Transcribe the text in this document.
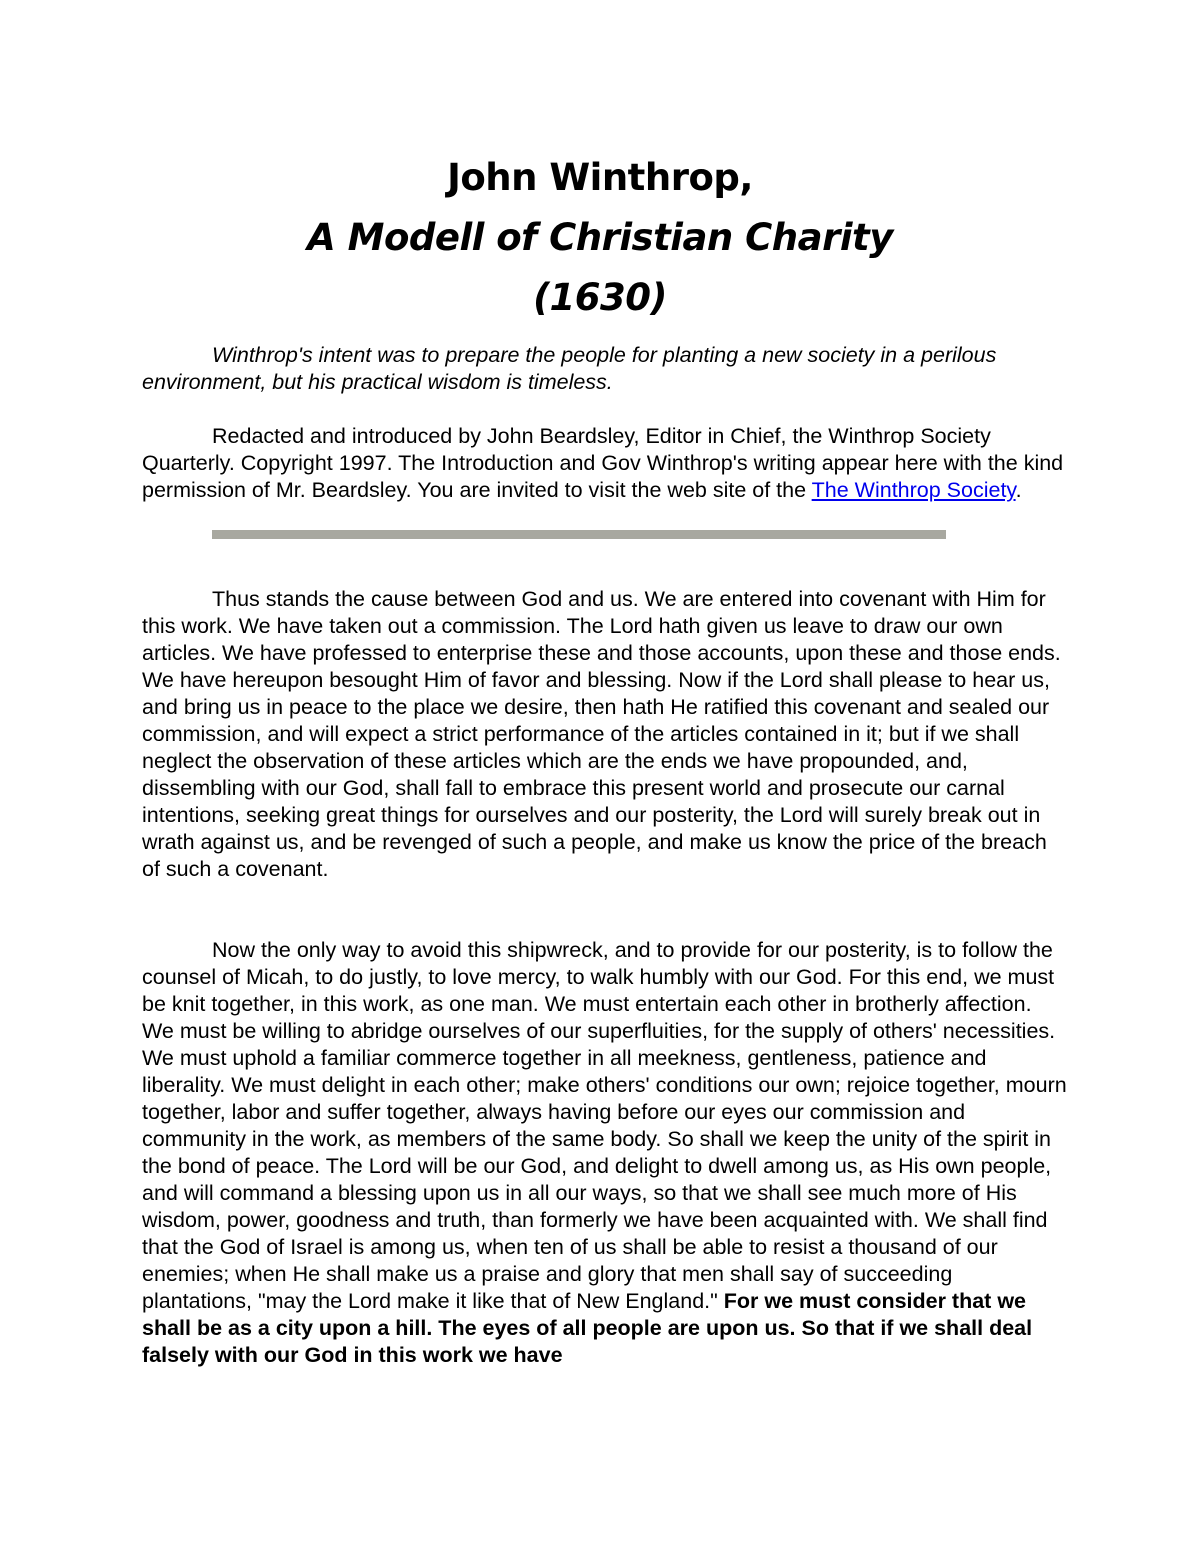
John Winthrop,
A Modell of Christian Charity
(1630)

Winthrop's intent was to prepare the people for planting a new society in a perilous environment, but his practical wisdom is timeless.

Redacted and introduced by John Beardsley, Editor in Chief, the Winthrop Society Quarterly. Copyright 1997. The Introduction and Gov Winthrop's writing appear here with the kind permission of Mr. Beardsley. You are invited to visit the web site of the The Winthrop Society.

Thus stands the cause between God and us. We are entered into covenant with Him for this work. We have taken out a commission. The Lord hath given us leave to draw our own articles. We have professed to enterprise these and those accounts, upon these and those ends. We have hereupon besought Him of favor and blessing. Now if the Lord shall please to hear us, and bring us in peace to the place we desire, then hath He ratified this covenant and sealed our commission, and will expect a strict performance of the articles contained in it; but if we shall neglect the observation of these articles which are the ends we have propounded, and, dissembling with our God, shall fall to embrace this present world and prosecute our carnal intentions, seeking great things for ourselves and our posterity, the Lord will surely break out in wrath against us, and be revenged of such a people, and make us know the price of the breach of such a covenant.

Now the only way to avoid this shipwreck, and to provide for our posterity, is to follow the counsel of Micah, to do justly, to love mercy, to walk humbly with our God. For this end, we must be knit together, in this work, as one man. We must entertain each other in brotherly affection. We must be willing to abridge ourselves of our superfluities, for the supply of others' necessities. We must uphold a familiar commerce together in all meekness, gentleness, patience and liberality. We must delight in each other; make others' conditions our own; rejoice together, mourn together, labor and suffer together, always having before our eyes our commission and community in the work, as members of the same body. So shall we keep the unity of the spirit in the bond of peace. The Lord will be our God, and delight to dwell among us, as His own people, and will command a blessing upon us in all our ways, so that we shall see much more of His wisdom, power, goodness and truth, than formerly we have been acquainted with. We shall find that the God of Israel is among us, when ten of us shall be able to resist a thousand of our enemies; when He shall make us a praise and glory that men shall say of succeeding plantations, "may the Lord make it like that of New England." For we must consider that we shall be as a city upon a hill. The eyes of all people are upon us. So that if we shall deal falsely with our God in this work we have
